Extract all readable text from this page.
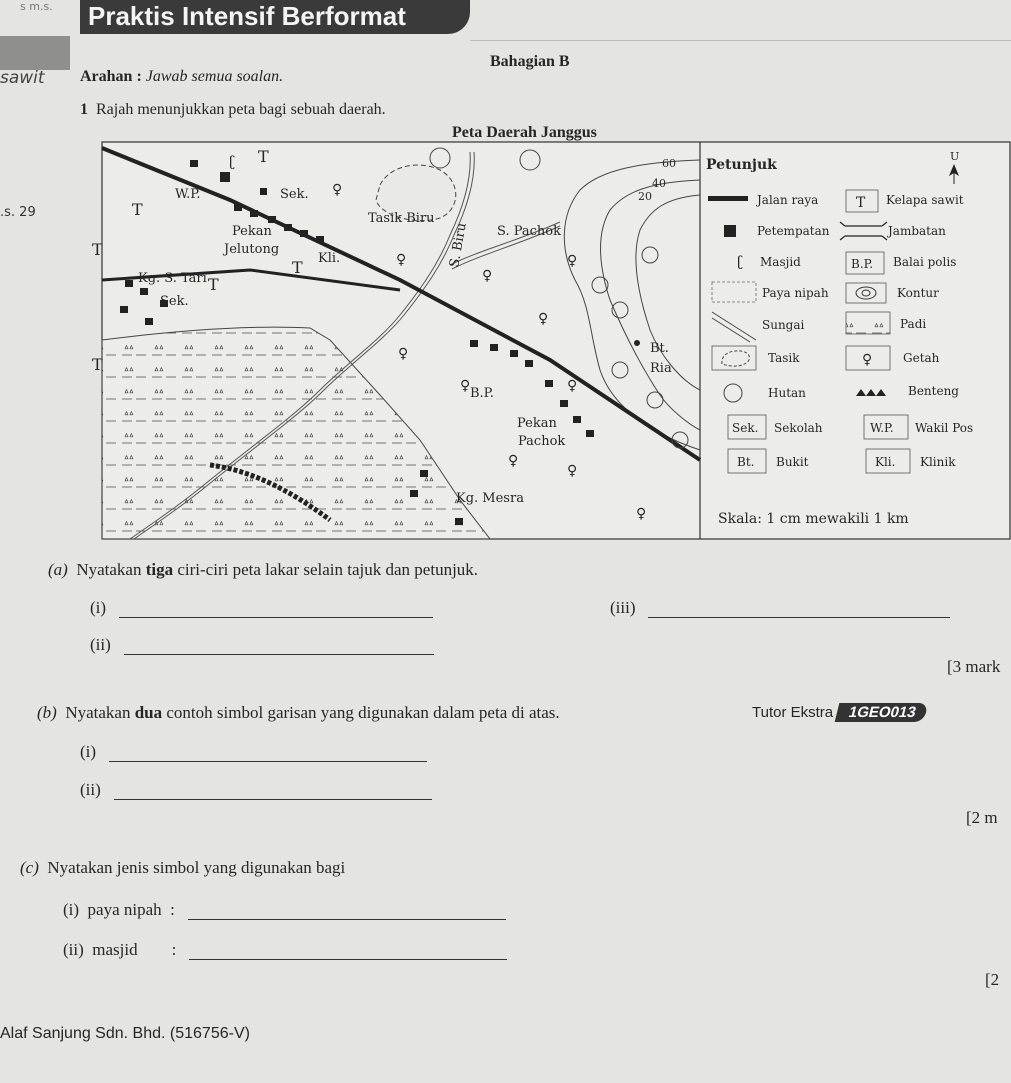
s m.s.	Praktis Intensif Berformat
sawit
.s. 29
Bahagian B
Arahan : Jawab semua soalan.
1 Rajah menunjukkan peta bagi sebuah daerah.
Peta Daerah Janggus
60
40
20
♀
♀
♀
♀
♀
♀
♀	♀
♀
♀
♀
T
T
T
T
T
T
ʗ
W.P.	Sek.
Tasik Biru
Pekan
Jelutong
Kli.	S. Biru S. Pachok
Kg. S. Tari
Sek.
B.P.
Pekan
Pachok
Bt.
Ria
Kg. Mesra
Petunjuk
U
Jalan raya	T Kelapa sawit
Petempatan	Jambatan
ʗ Masjid	B.P. Balai polis
Paya nipah	Kontur
Sungai	Padi
Tasik	♀	Getah
Hutan	Benteng
Sek. Sekolah	W.P. Wakil Pos
Bt. Bukit	Kli. Klinik
Skala: 1 cm mewakili 1 km
(a) Nyatakan tiga ciri-ciri peta lakar selain tajuk dan petunjuk.
(i)	(iii)
(ii)
[3 mark
(b) Nyatakan dua contoh simbol garisan yang digunakan dalam peta di atas.	Tutor Ekstra 1GEO013
(i)
(ii)
[2 m
(c) Nyatakan jenis simbol yang digunakan bagi
(i) paya nipah :
(ii) masjid :
[2
Alaf Sanjung Sdn. Bhd. (516756-V)
